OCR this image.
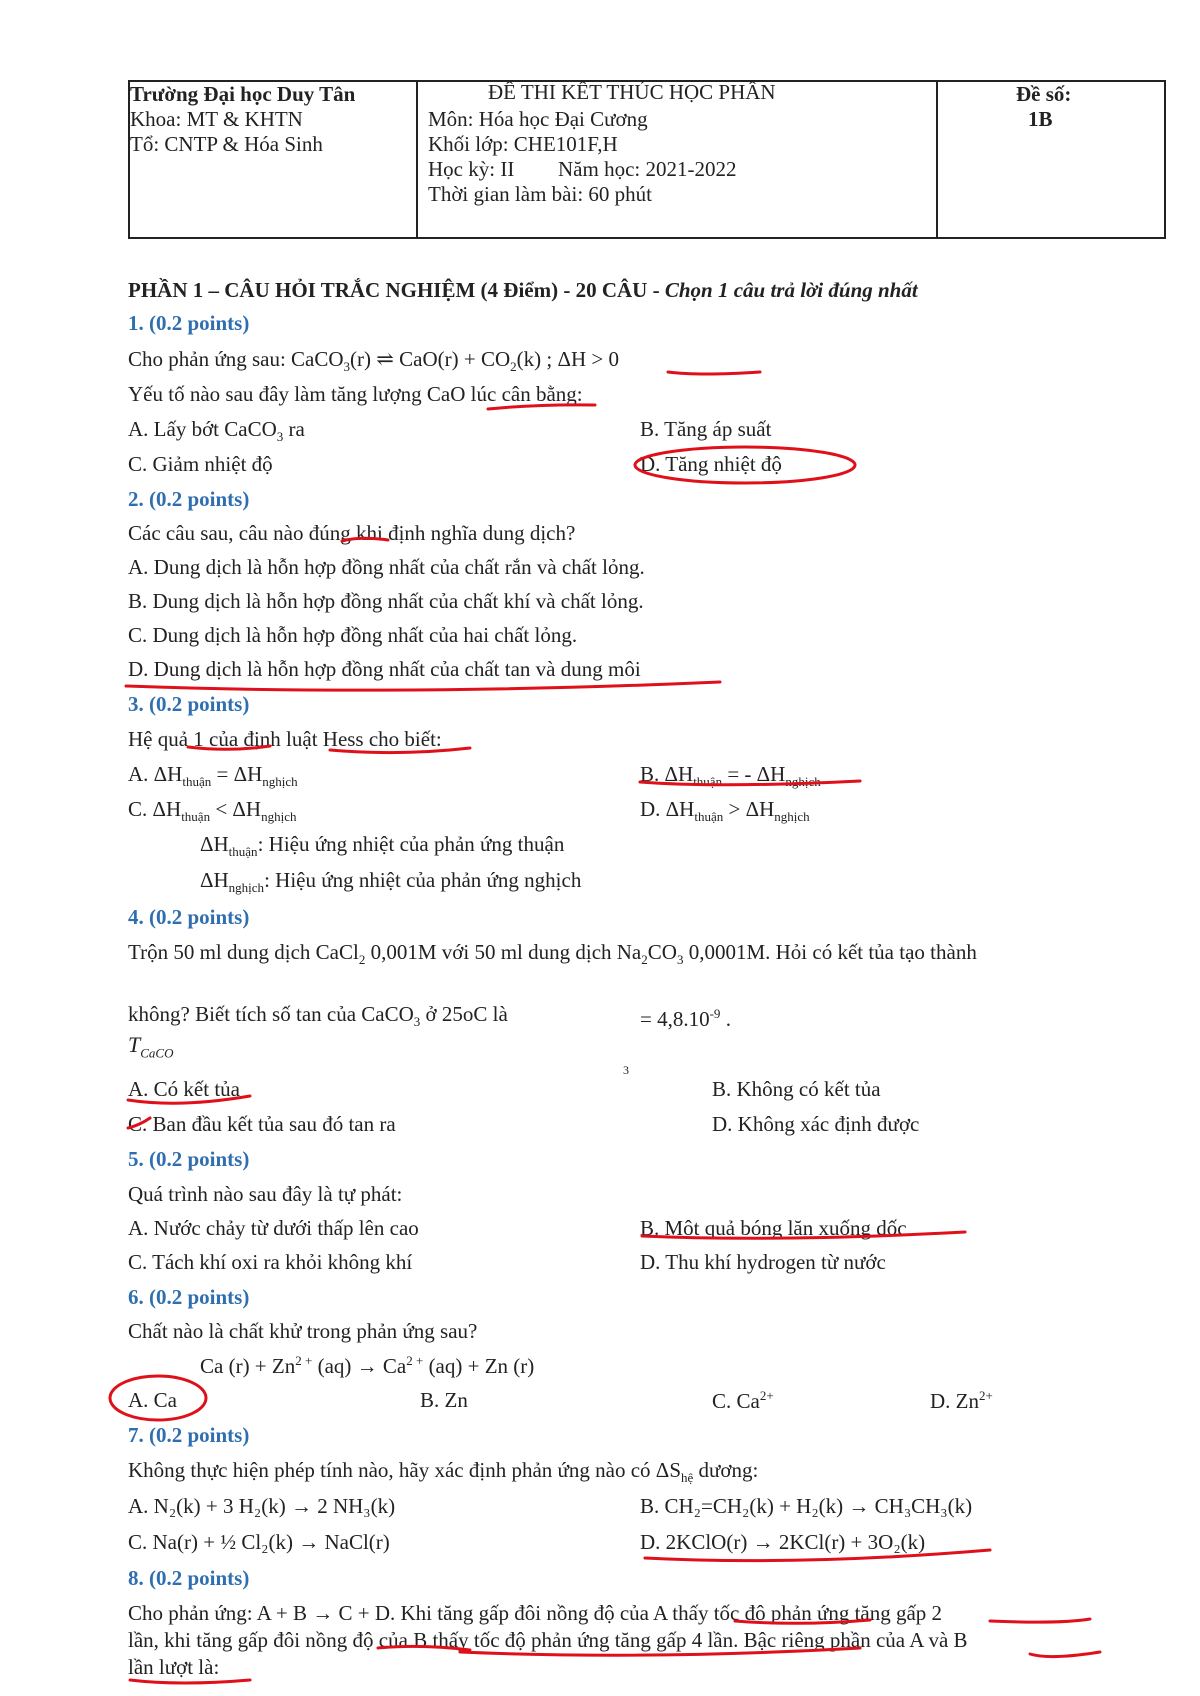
Trường Đại học Duy Tân
Khoa: MT & KHTN
Tổ: CNTP & Hóa Sinh
ĐỀ THI KẾT THÚC HỌC PHẦN
Môn: Hóa học Đại Cương
Khối lớp: CHE101F,H
Học kỳ: II Năm học: 2021-2022
Thời gian làm bài: 60 phút
Đề số:
1B
PHẦN 1 – CÂU HỎI TRẮC NGHIỆM (4 Điểm) - 20 CÂU - Chọn 1 câu trả lời đúng nhất
1. (0.2 points)
Cho phản ứng sau: CaCO$_3$(r) ⇌ $CaO(r) + CO_2(k)$ ; ΔH > 0
Yếu tố nào sau đây làm tăng lượng CaO lúc cân bằng:
A. Lấy bớt CaCO$_3$ ra	B. Tăng áp suất
C. Giảm nhiệt độ	D. Tăng nhiệt độ
2. (0.2 points)
Các câu sau, câu nào đúng khi định nghĩa dung dịch?
A. Dung dịch là hỗn hợp đồng nhất của chất rắn và chất lỏng.
B. Dung dịch là hỗn hợp đồng nhất của chất khí và chất lỏng.
C. Dung dịch là hỗn hợp đồng nhất của hai chất lỏng.
D. Dung dịch là hỗn hợp đồng nhất của chất tan và dung môi
3. (0.2 points)
Hệ quả 1 của định luật Hess cho biết:
A. $\Delta H_{thuận} = \Delta H_{nghịch}$	B. $\Delta H_{thuận}$ = - $\Delta H_{nghịch}$
C. $\Delta H_{thuận} < \Delta H_{nghịch}$	D. $\Delta H_{thuận} > \Delta H_{nghịch}$
$\Delta H_{thuận}$: Hiệu ứng nhiệt của phản ứng thuận
$\Delta H_{nghịch}$: Hiệu ứng nhiệt của phản ứng nghịch
4. (0.2 points)
Trộn 50 ml dung dịch CaCl$_2$ 0,001M với 50 ml dung dịch $Na_2CO_3$ 0,0001M. Hỏi có kết tủa tạo thành
không? Biết tích số tan của CaCO$_3$ ở 25oC là	= $4,8.10^{-9}$ .
$T_{CaCO}$
3
A. Có kết tủa	B. Không có kết tủa
C. Ban đầu kết tủa sau đó tan ra	D. Không xác định được
5. (0.2 points)
Quá trình nào sau đây là tự phát:
A. Nước chảy từ dưới thấp lên cao	B. Một quả bóng lăn xuống dốc
C. Tách khí oxi ra khỏi không khí	D. Thu khí hydrogen từ nước
6. (0.2 points)
Chất nào là chất khử trong phản ứng sau?
Ca $(r) + Zn^{2 +}$ $(aq) \to Ca^{2 +}$ (aq) + Zn (r)
A. Ca	B. Zn	C. $Ca^{2+}$	D. $Zn^{2+}$
7. (0.2 points)
Không thực hiện phép tính nào, hãy xác định phản ứng nào có $\Delta S_{hệ}$ dương:
A. N₂(k) + 3 H₂(k) → 2 NH₃(k)	B. CH₂=CH₂(k) + H₂(k) → CH₃CH₃(k)
C. Na(r) + ½ Cl₂(k) → NaCl(r)	D. 2KClO(r) → 2KCl(r) + 3O₂(k)
8. (0.2 points)
Cho phản ứng: A + B → C + D. Khi tăng gấp đôi nồng độ của A thấy tốc độ phản ứng tăng gấp 2
lần, khi tăng gấp đôi nồng độ của B thấy tốc độ phản ứng tăng gấp 4 lần. Bậc riêng phần của A và B
lần lượt là:
